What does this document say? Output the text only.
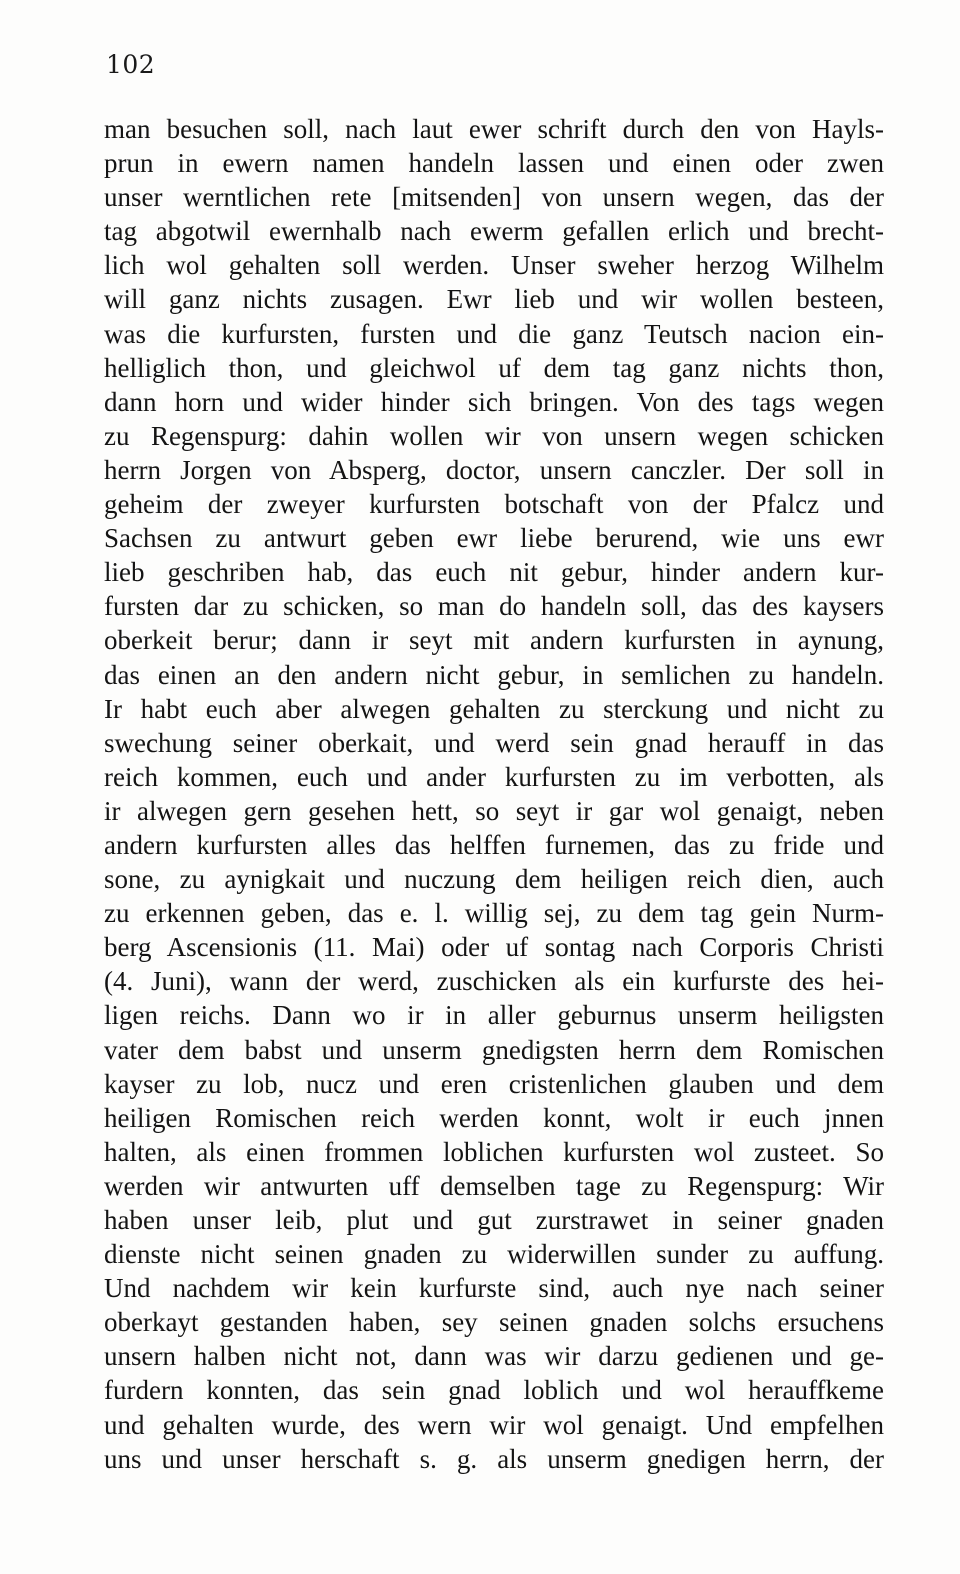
102
man besuchen soll, nach laut ewer schrift durch den von Hayls-
prun in ewern namen handeln lassen und einen oder zwen
unser werntlichen rete [mitsenden] von unsern wegen, das der
tag abgotwil ewernhalb nach ewerm gefallen erlich und brecht-
lich wol gehalten soll werden. Unser sweher herzog Wilhelm
will ganz nichts zusagen. Ewr lieb und wir wollen besteen,
was die kurfursten, fursten und die ganz Teutsch nacion ein-
helliglich thon, und gleichwol uf dem tag ganz nichts thon,
dann horn und wider hinder sich bringen. Von des tags wegen
zu Regenspurg: dahin wollen wir von unsern wegen schicken
herrn Jorgen von Absperg, doctor, unsern canczler. Der soll in
geheim der zweyer kurfursten botschaft von der Pfalcz und
Sachsen zu antwurt geben ewr liebe berurend, wie uns ewr
lieb geschriben hab, das euch nit gebur, hinder andern kur-
fursten dar zu schicken, so man do handeln soll, das des kaysers
oberkeit berur; dann ir seyt mit andern kurfursten in aynung,
das einen an den andern nicht gebur, in semlichen zu handeln.
Ir habt euch aber alwegen gehalten zu sterckung und nicht zu
swechung seiner oberkait, und werd sein gnad herauff in das
reich kommen, euch und ander kurfursten zu im verbotten, als
ir alwegen gern gesehen hett, so seyt ir gar wol genaigt, neben
andern kurfursten alles das helffen furnemen, das zu fride und
sone, zu aynigkait und nuczung dem heiligen reich dien, auch
zu erkennen geben, das e. l. willig sej, zu dem tag gein Nurm-
berg Ascensionis (11. Mai) oder uf sontag nach Corporis Christi
(4. Juni), wann der werd, zuschicken als ein kurfurste des hei-
ligen reichs. Dann wo ir in aller geburnus unserm heiligsten
vater dem babst und unserm gnedigsten herrn dem Romischen
kayser zu lob, nucz und eren cristenlichen glauben und dem
heiligen Romischen reich werden konnt, wolt ir euch jnnen
halten, als einen frommen loblichen kurfursten wol zusteet. So
werden wir antwurten uff demselben tage zu Regenspurg: Wir
haben unser leib, plut und gut zurstrawet in seiner gnaden
dienste nicht seinen gnaden zu widerwillen sunder zu auffung.
Und nachdem wir kein kurfurste sind, auch nye nach seiner
oberkayt gestanden haben, sey seinen gnaden solchs ersuchens
unsern halben nicht not, dann was wir darzu gedienen und ge-
furdern konnten, das sein gnad loblich und wol herauffkeme
und gehalten wurde, des wern wir wol genaigt. Und empfelhen
uns und unser herschaft s. g. als unserm gnedigen herrn, der
